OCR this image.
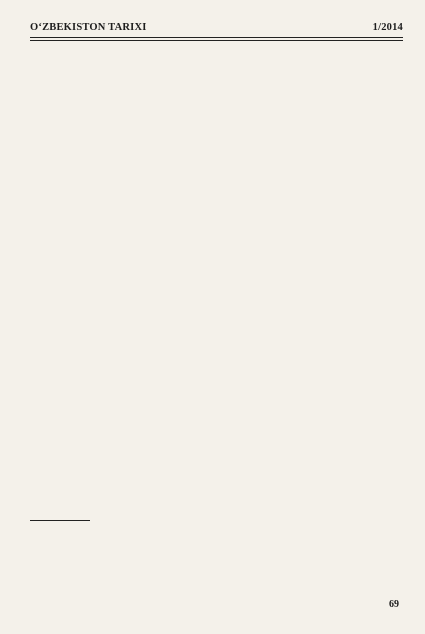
O‘ZBEKISTON TARIXI	1/2014
69
